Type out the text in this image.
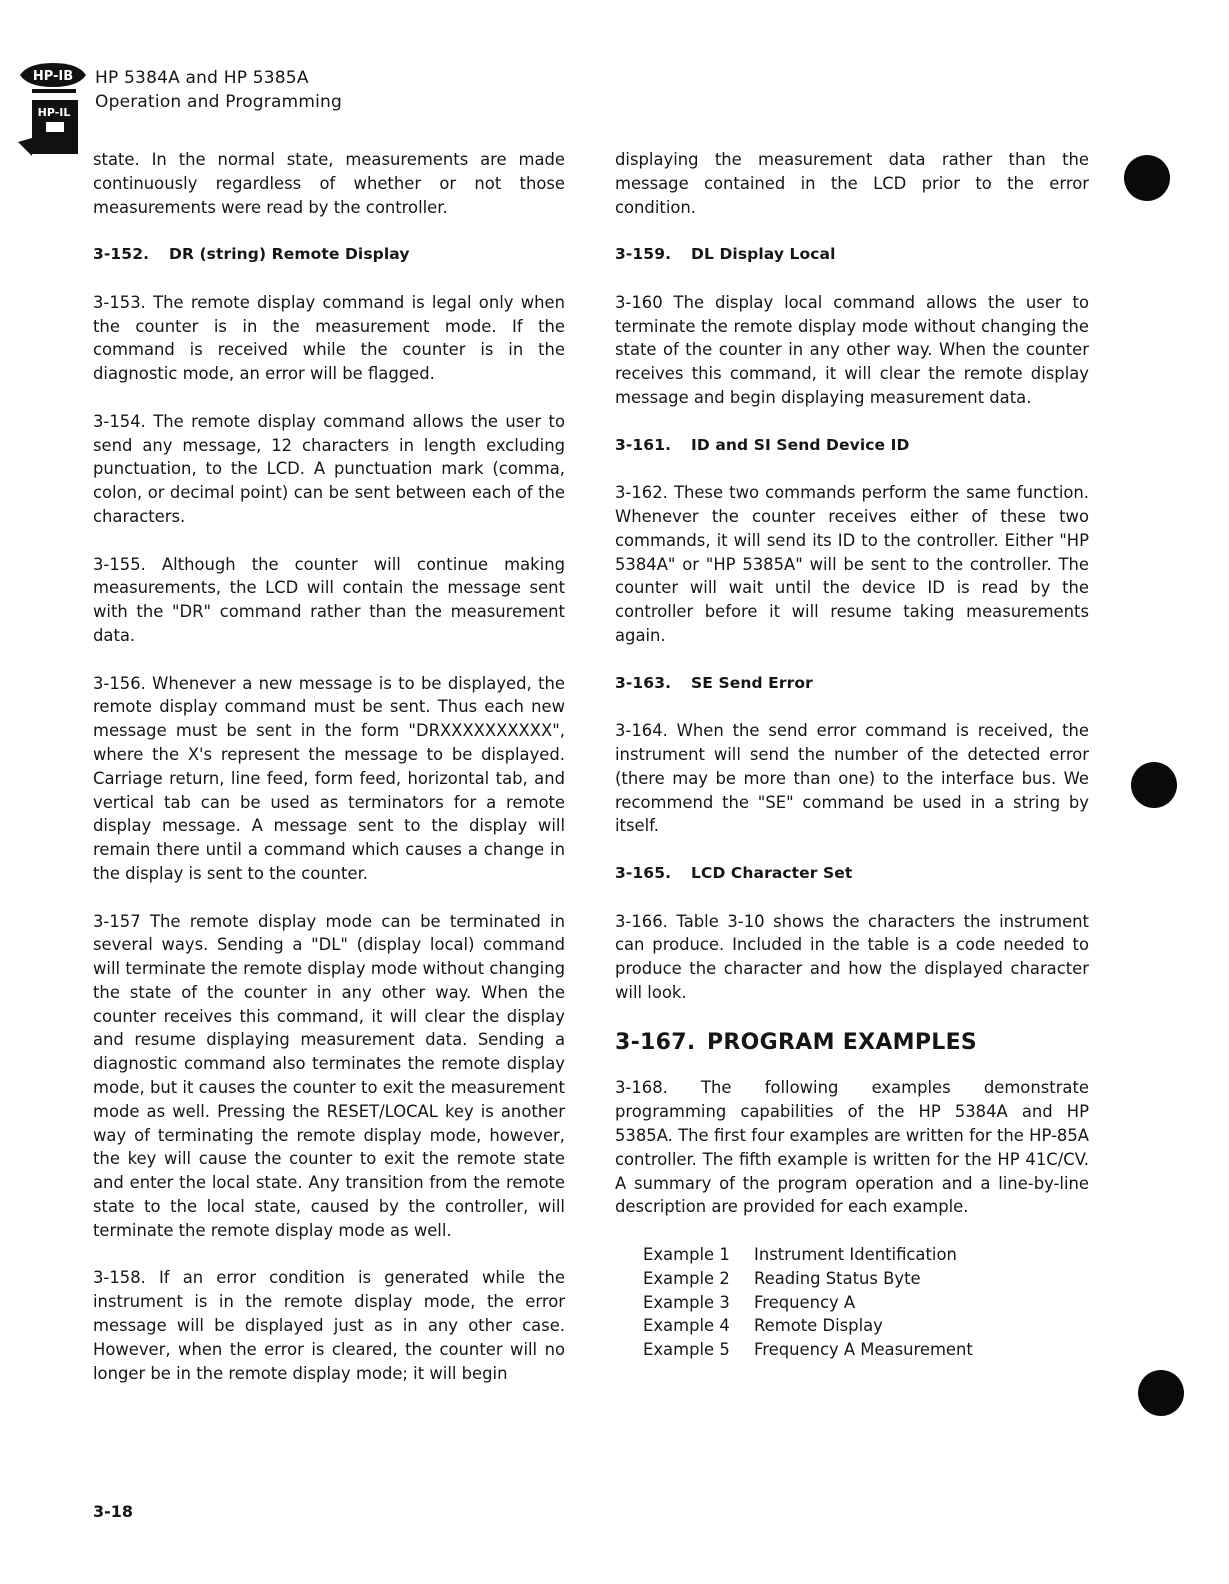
HP-IB
HP-IL
HP 5384A and HP 5385A
Operation and Programming

state. In the normal state, measurements are made continuously regardless of whether or not those measurements were read by the controller.

3-152. DR (string) Remote Display

3-153. The remote display command is legal only when the counter is in the measurement mode. If the command is received while the counter is in the diagnostic mode, an error will be flagged.

3-154. The remote display command allows the user to send any message, 12 characters in length excluding punctuation, to the LCD. A punctuation mark (comma, colon, or decimal point) can be sent between each of the characters.

3-155. Although the counter will continue making measurements, the LCD will contain the message sent with the "DR" command rather than the measurement data.

3-156. Whenever a new message is to be displayed, the remote display command must be sent. Thus each new message must be sent in the form "DRXXXXXXXXXX", where the X's represent the message to be displayed. Carriage return, line feed, form feed, horizontal tab, and vertical tab can be used as terminators for a remote display message. A message sent to the display will remain there until a command which causes a change in the display is sent to the counter.

3-157 The remote display mode can be terminated in several ways. Sending a "DL" (display local) command will terminate the remote display mode without changing the state of the counter in any other way. When the counter receives this command, it will clear the display and resume displaying measurement data. Sending a diagnostic command also terminates the remote display mode, but it causes the counter to exit the measurement mode as well. Pressing the RESET/LOCAL key is another way of terminating the remote display mode, however, the key will cause the counter to exit the remote state and enter the local state. Any transition from the remote state to the local state, caused by the controller, will terminate the remote display mode as well.

3-158. If an error condition is generated while the instrument is in the remote display mode, the error message will be displayed just as in any other case. However, when the error is cleared, the counter will no longer be in the remote display mode; it will begin

displaying the measurement data rather than the message contained in the LCD prior to the error condition.

3-159. DL Display Local

3-160 The display local command allows the user to terminate the remote display mode without changing the state of the counter in any other way. When the counter receives this command, it will clear the remote display message and begin displaying measurement data.

3-161. ID and SI Send Device ID

3-162. These two commands perform the same function. Whenever the counter receives either of these two commands, it will send its ID to the controller. Either "HP 5384A" or "HP 5385A" will be sent to the controller. The counter will wait until the device ID is read by the controller before it will resume taking measurements again.

3-163. SE Send Error

3-164. When the send error command is received, the instrument will send the number of the detected error (there may be more than one) to the interface bus. We recommend the "SE" command be used in a string by itself.

3-165. LCD Character Set

3-166. Table 3-10 shows the characters the instrument can produce. Included in the table is a code needed to produce the character and how the displayed character will look.

3-167. PROGRAM EXAMPLES

3-168. The following examples demonstrate programming capabilities of the HP 5384A and HP 5385A. The first four examples are written for the HP-85A controller. The fifth example is written for the HP 41C/CV. A summary of the program operation and a line-by-line description are provided for each example.

Example 1 Instrument Identification
Example 2 Reading Status Byte
Example 3 Frequency A
Example 4 Remote Display
Example 5 Frequency A Measurement
3-18
